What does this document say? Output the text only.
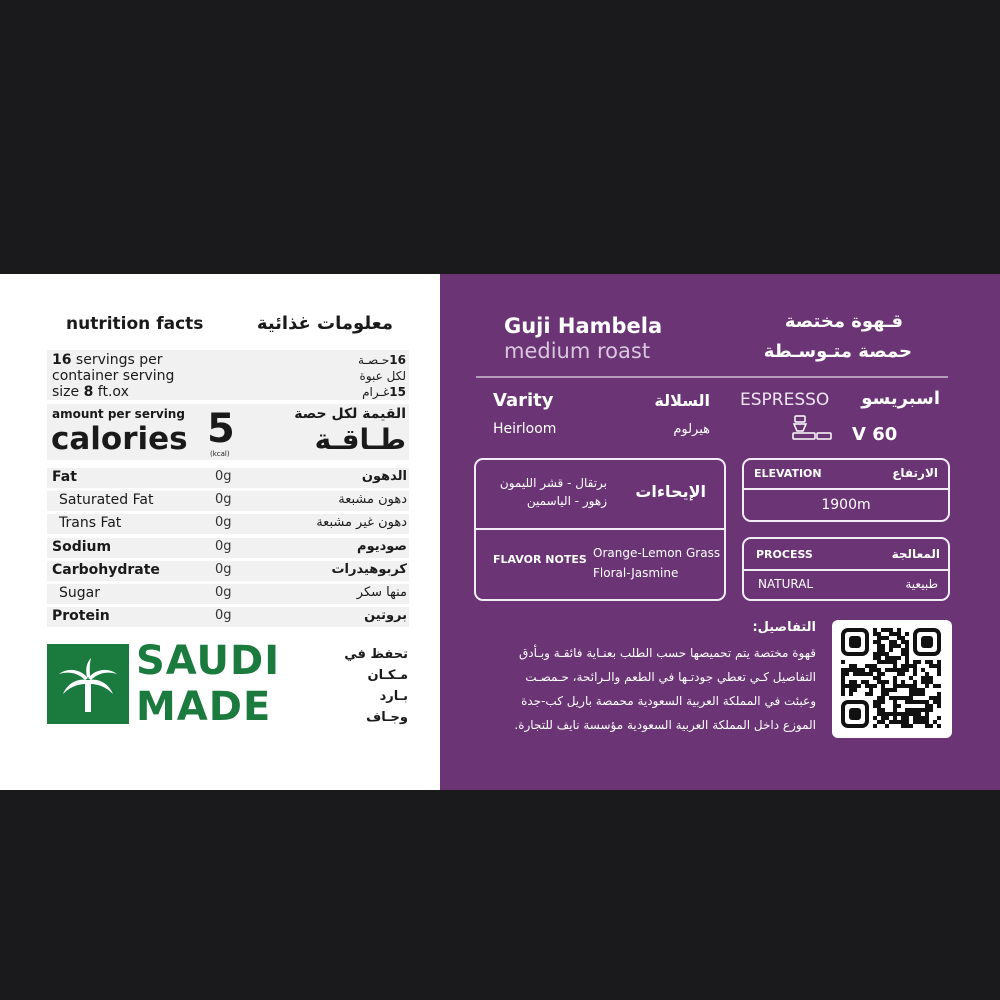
nutrition facts	معلومات غذائية
16 servings per
container serving
size 8 ft.ox
16حـصـة
لكل عبوة
15غـرام
amount per serving
calories 5
(kcal)
القيمة لكل حصة
طـاقـة
Fat	0g	الدهون
Saturated Fat	0g	دهون مشبعة
Trans Fat	0g	دهون غير مشبعة
Sodium	0g	صوديوم
Carbohydrate	0g	كربوهيدرات
Sugar	0g	منها سكر
Protein	0g	بروتين
SAUDI
MADE
تحفظ في
مـكـان
بـارد
وجـاف
Guji Hambela
medium roast
قـهوة مختصة
حمصة متـوسـطة
Varity	السلالة
Heirloom	هيرلوم
ESPRESSO اسبريسو
V 60
الإيحاءات
برتقال - قشر الليمون
زهور - الياسمين
FLAVOR NOTES Orange-Lemon Grass
Floral-Jasmine
ELEVATION	الارتفاع
1900m
PROCESS	المعالجة
NATURAL	طبيعية
التفاصيل:
قهوة مختصة يتم تحميصها حسب الطلب بعنـاية فائقـة وبـأدق
التفاصيل كـي تعطي جودتـها في الطعم والـرائحة، حـمصـت
وعبئت في المملكة العربية السعودية محمصة باريل كب-جدة
الموزع داخل المملكة العربية السعودية مؤسسة نايف للتجارة.
